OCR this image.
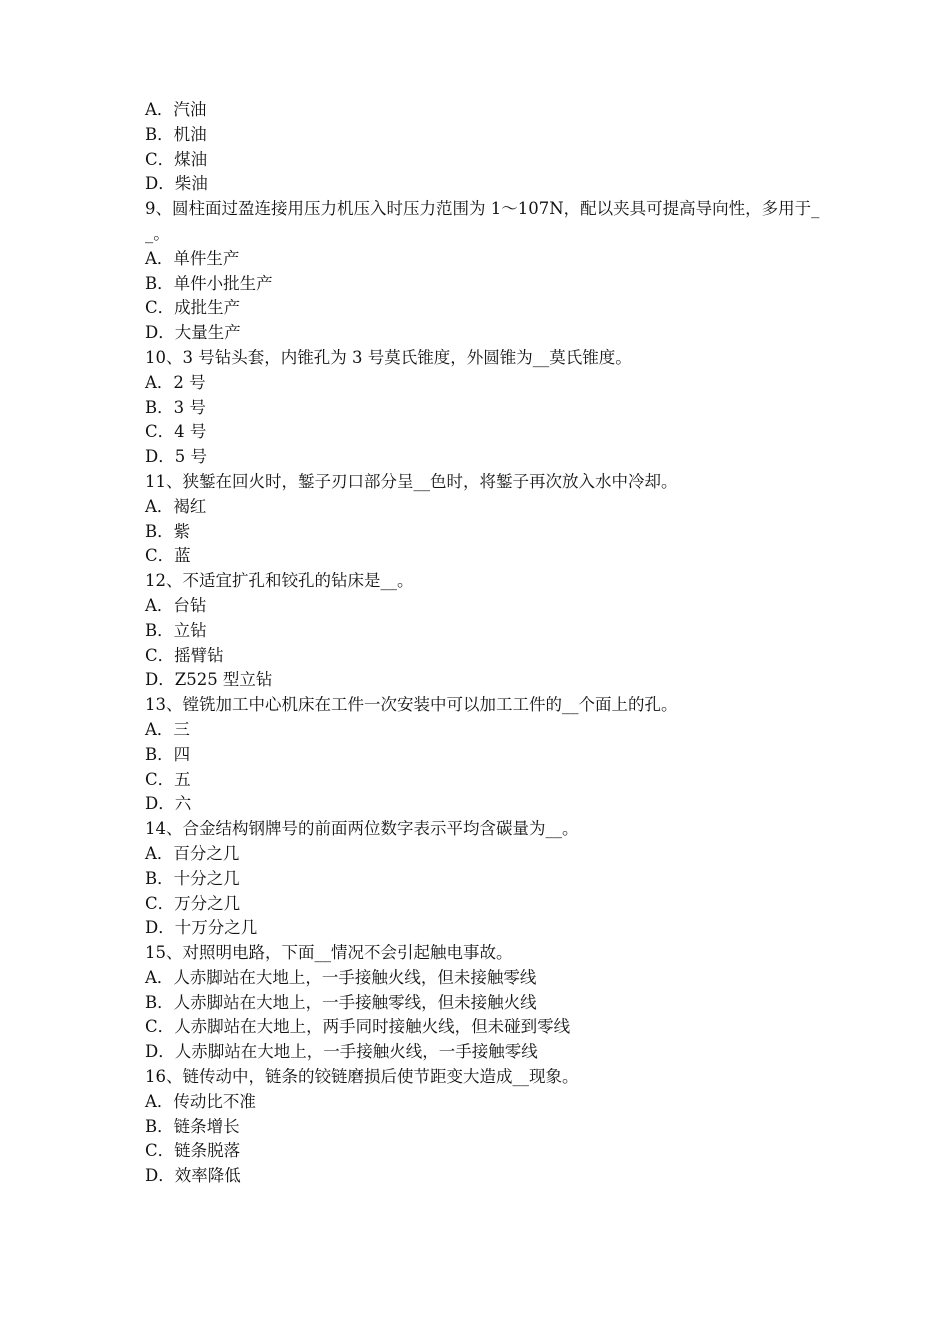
A．汽油
B．机油
C．煤油
D．柴油
9、圆柱面过盈连接用压力机压入时压力范围为 1～107N，配以夹具可提高导向性，多用于__。
A．单件生产
B．单件小批生产
C．成批生产
D．大量生产
10、3 号钻头套，内锥孔为 3 号莫氏锥度，外圆锥为__莫氏锥度。
A．2 号
B．3 号
C．4 号
D．5 号
11、狭錾在回火时，錾子刃口部分呈__色时，将錾子再次放入水中冷却。
A．褐红
B．紫
C．蓝
12、不适宜扩孔和铰孔的钻床是__。
A．台钻
B．立钻
C．摇臂钻
D．Z525 型立钻
13、镗铣加工中心机床在工件一次安装中可以加工工件的__个面上的孔。
A．三
B．四
C．五
D．六
14、合金结构钢牌号的前面两位数字表示平均含碳量为__。
A．百分之几
B．十分之几
C．万分之几
D．十万分之几
15、对照明电路，下面__情况不会引起触电事故。
A．人赤脚站在大地上，一手接触火线，但未接触零线
B．人赤脚站在大地上，一手接触零线，但未接触火线
C．人赤脚站在大地上，两手同时接触火线，但未碰到零线
D．人赤脚站在大地上，一手接触火线，一手接触零线
16、链传动中，链条的铰链磨损后使节距变大造成__现象。
A．传动比不准
B．链条增长
C．链条脱落
D．效率降低
